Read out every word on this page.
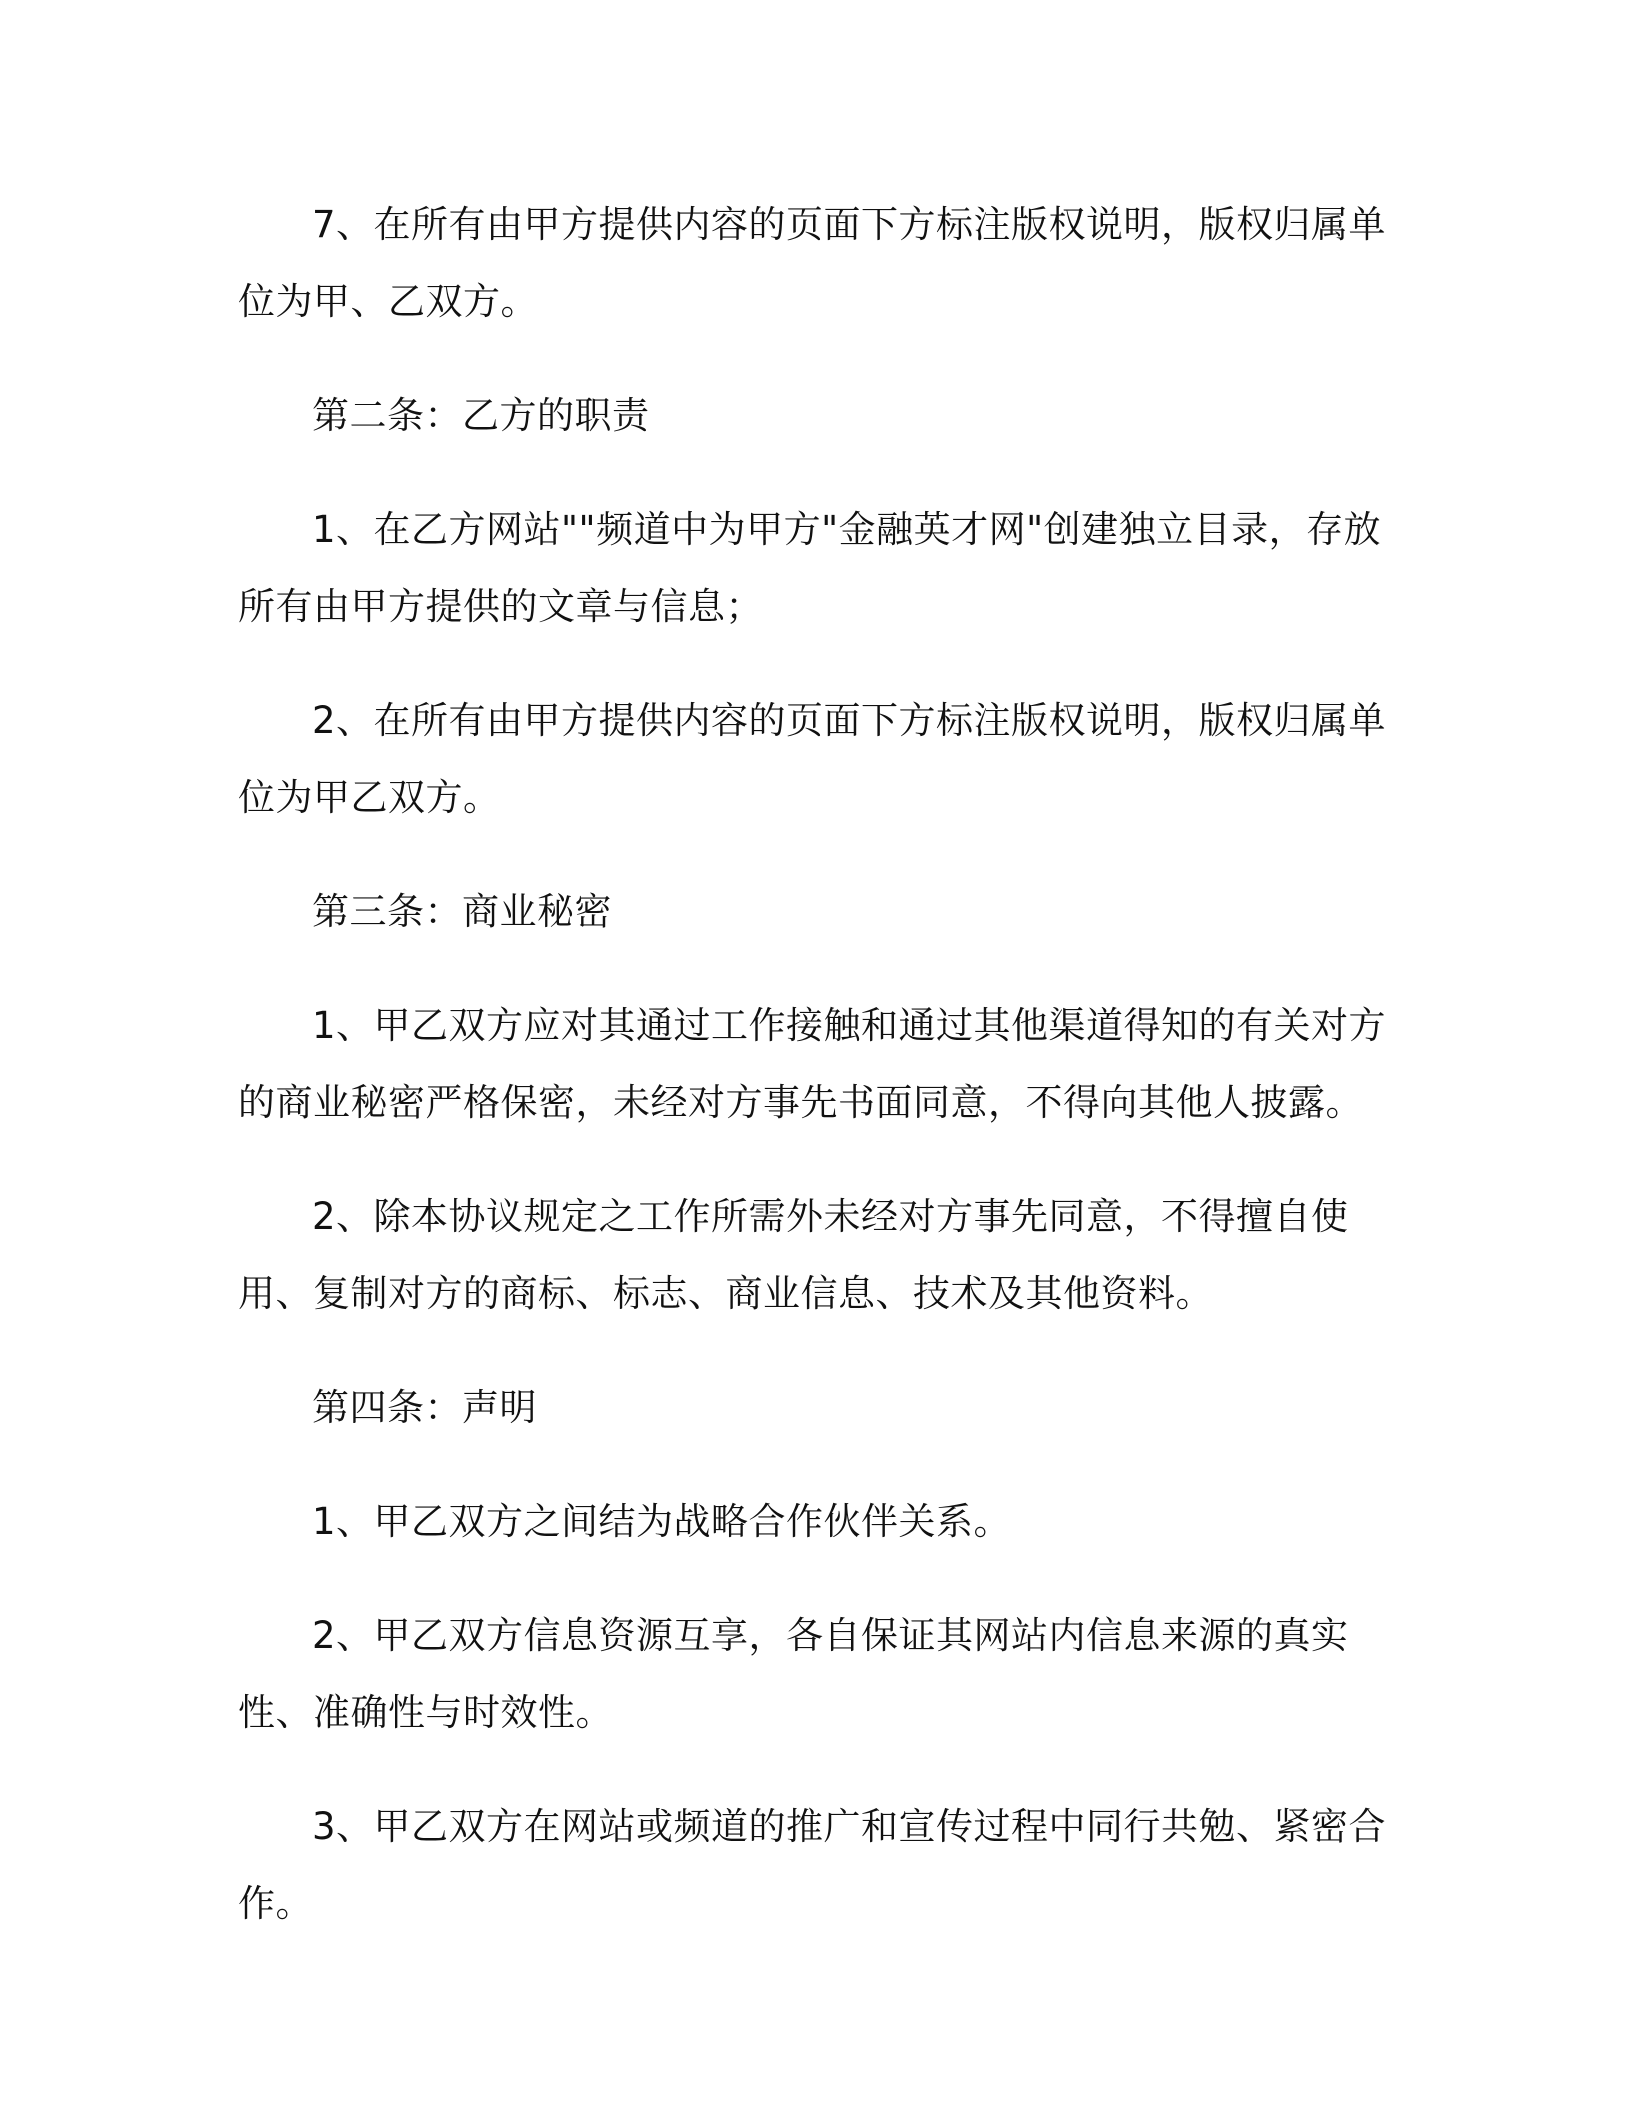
7、在所有由甲方提供内容的页面下方标注版权说明，版权归属单位为甲、乙双方。

第二条：乙方的职责

1、在乙方网站""频道中为甲方"金融英才网"创建独立目录，存放所有由甲方提供的文章与信息；

2、在所有由甲方提供内容的页面下方标注版权说明，版权归属单位为甲乙双方。

第三条：商业秘密

1、甲乙双方应对其通过工作接触和通过其他渠道得知的有关对方的商业秘密严格保密，未经对方事先书面同意，不得向其他人披露。

2、除本协议规定之工作所需外未经对方事先同意，不得擅自使用、复制对方的商标、标志、商业信息、技术及其他资料。

第四条：声明

1、甲乙双方之间结为战略合作伙伴关系。

2、甲乙双方信息资源互享，各自保证其网站内信息来源的真实性、准确性与时效性。

3、甲乙双方在网站或频道的推广和宣传过程中同行共勉、紧密合作。
